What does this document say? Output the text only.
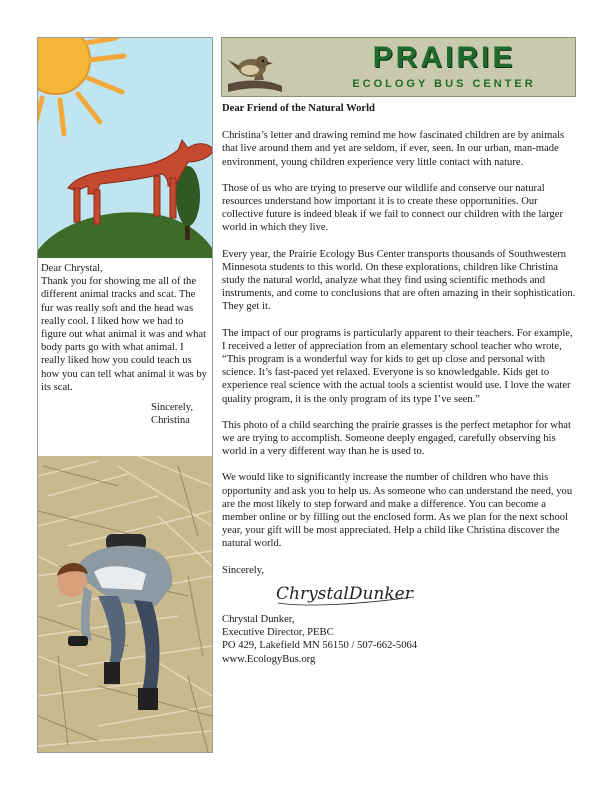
Dear Chrystal,

Thank you for showing me all of the different animal tracks and scat. The fur was really soft and the head was really cool. I liked how we had to figure out what animal it was and what body parts go with what animal. I really liked how you could teach us how you can tell what animal it was by its scat.

Sincerely,

Christina

PRAIRIE
ECOLOGY BUS CENTER

Dear Friend of the Natural World

Christina’s letter and drawing remind me how fascinated children are by animals that live around them and yet are seldom, if ever, seen. In our urban, man-made environment, young children experience very little contact with nature.

Those of us who are trying to preserve our wildlife and conserve our natural resources understand how important it is to create these opportunities. Our collective future is indeed bleak if we fail to connect our children with the larger world in which they live.

Every year, the Prairie Ecology Bus Center transports thousands of Southwestern Minnesota students to this world. On these explorations, children like Christina study the natural world, analyze what they find using scientific methods and instruments, and come to conclusions that are often amazing in their sophistication. They get it.

The impact of our programs is particularly apparent to their teachers. For example, I received a letter of appreciation from an elementary school teacher who wrote, “This program is a wonderful way for kids to get up close and personal with science. It’s fast-paced yet relaxed. Everyone is so knowledgable. Kids get to experience real science with the actual tools a scientist would use. I love the water quality program, it is the only program of its type I’ve seen.”

This photo of a child searching the prairie grasses is the perfect metaphor for what we are trying to accomplish. Someone deeply engaged, carefully observing his world in a very different way than he is used to.

We would like to significantly increase the number of children who have this opportunity and ask you to help us. As someone who can understand the need, you are the most likely to step forward and make a difference. You can become a member online or by filling out the enclosed form. As we plan for the next school year, your gift will be most appreciated. Help a child like Christina discover the natural world.

Sincerely,

ChrystalDunker

Chrystal Dunker,

Executive Director, PEBC

PO 429, Lakefield MN 56150 / 507-662-5064

www.EcologyBus.org
